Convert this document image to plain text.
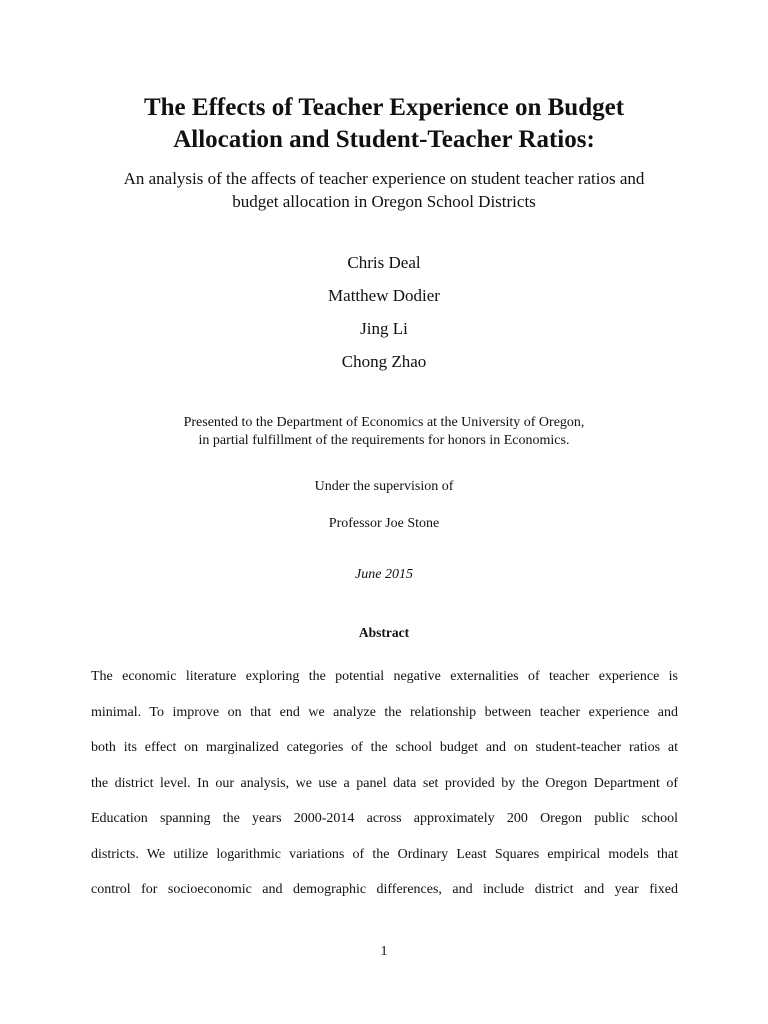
The Effects of Teacher Experience on Budget
Allocation and Student-Teacher Ratios:

An analysis of the affects of teacher experience on student teacher ratios and
budget allocation in Oregon School Districts

Chris Deal
Matthew Dodier
Jing Li
Chong Zhao

Presented to the Department of Economics at the University of Oregon,
in partial fulfillment of the requirements for honors in Economics.

Under the supervision of
Professor Joe Stone

June 2015

Abstract
The economic literature exploring the potential negative externalities of teacher experience is
minimal. To improve on that end we analyze the relationship between teacher experience and
both its effect on marginalized categories of the school budget and on student-teacher ratios at
the district level. In our analysis, we use a panel data set provided by the Oregon Department of
Education spanning the years 2000-2014 across approximately 200 Oregon public school
districts. We utilize logarithmic variations of the Ordinary Least Squares empirical models that
control for socioeconomic and demographic differences, and include district and year fixed

1
